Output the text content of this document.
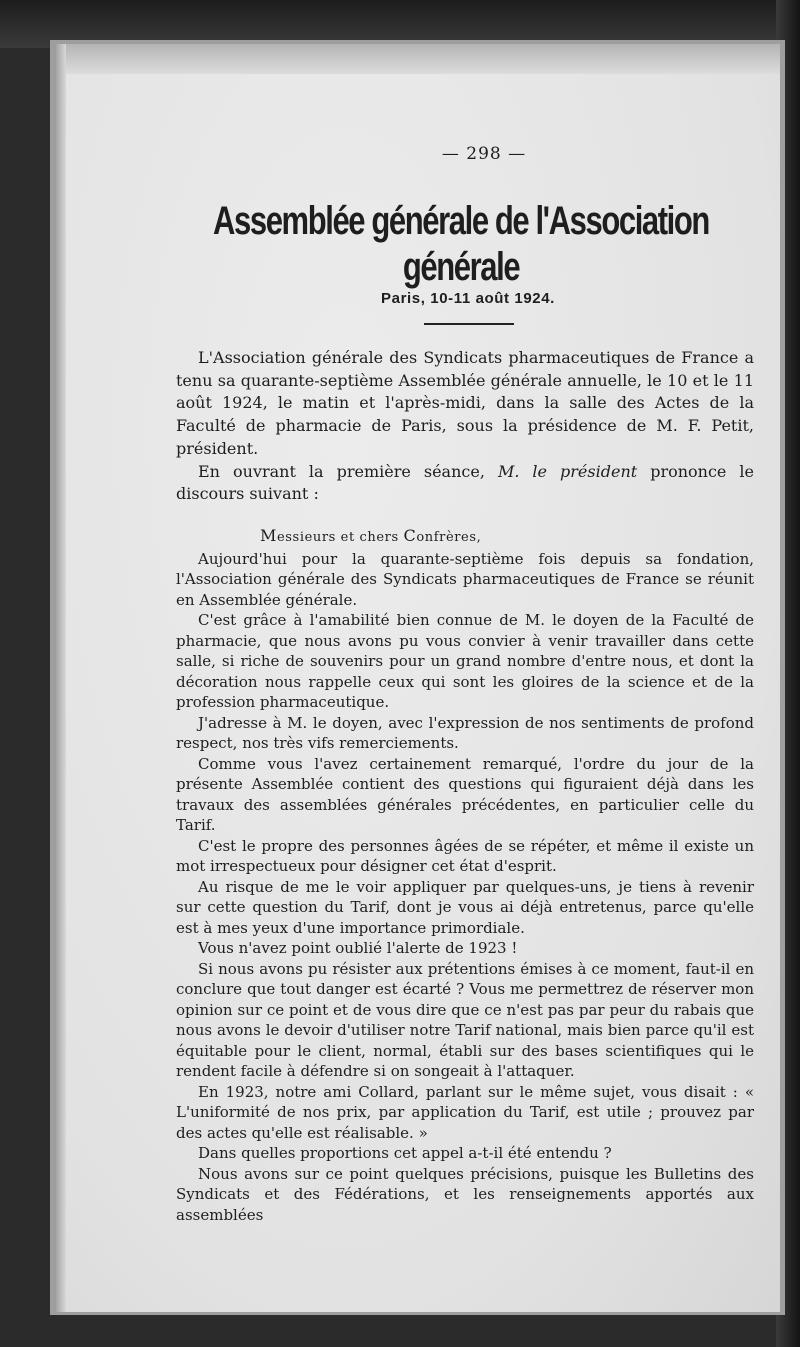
— 298 —
Assemblée générale de l'Association générale
Paris, 10-11 août 1924.

L'Association générale des Syndicats pharmaceutiques de France a tenu sa quarante-septième Assemblée générale annuelle, le 10 et le 11 août 1924, le matin et l'après-midi, dans la salle des Actes de la Faculté de pharmacie de Paris, sous la présidence de M. F. Petit, président.

En ouvrant la première séance, M. le président prononce le discours suivant :

Messieurs et chers Confrères,

Aujourd'hui pour la quarante-septième fois depuis sa fondation, l'Association générale des Syndicats pharmaceutiques de France se réunit en Assemblée générale.

C'est grâce à l'amabilité bien connue de M. le doyen de la Faculté de pharmacie, que nous avons pu vous convier à venir travailler dans cette salle, si riche de souvenirs pour un grand nombre d'entre nous, et dont la décoration nous rappelle ceux qui sont les gloires de la science et de la profession pharmaceutique.

J'adresse à M. le doyen, avec l'expression de nos sentiments de profond respect, nos très vifs remerciements.

Comme vous l'avez certainement remarqué, l'ordre du jour de la présente Assemblée contient des questions qui figuraient déjà dans les travaux des assemblées générales précédentes, en particulier celle du Tarif.

C'est le propre des personnes âgées de se répéter, et même il existe un mot irrespectueux pour désigner cet état d'esprit.

Au risque de me le voir appliquer par quelques-uns, je tiens à revenir sur cette question du Tarif, dont je vous ai déjà entretenus, parce qu'elle est à mes yeux d'une importance primordiale.

Vous n'avez point oublié l'alerte de 1923 !

Si nous avons pu résister aux prétentions émises à ce moment, faut-il en conclure que tout danger est écarté ? Vous me permettrez de réserver mon opinion sur ce point et de vous dire que ce n'est pas par peur du rabais que nous avons le devoir d'utiliser notre Tarif national, mais bien parce qu'il est équitable pour le client, normal, établi sur des bases scientifiques qui le rendent facile à défendre si on songeait à l'attaquer.

En 1923, notre ami Collard, parlant sur le même sujet, vous disait : « L'uniformité de nos prix, par application du Tarif, est utile ; prouvez par des actes qu'elle est réalisable. »

Dans quelles proportions cet appel a-t-il été entendu ?

Nous avons sur ce point quelques précisions, puisque les Bulletins des Syndicats et des Fédérations, et les renseignements apportés aux assemblées
